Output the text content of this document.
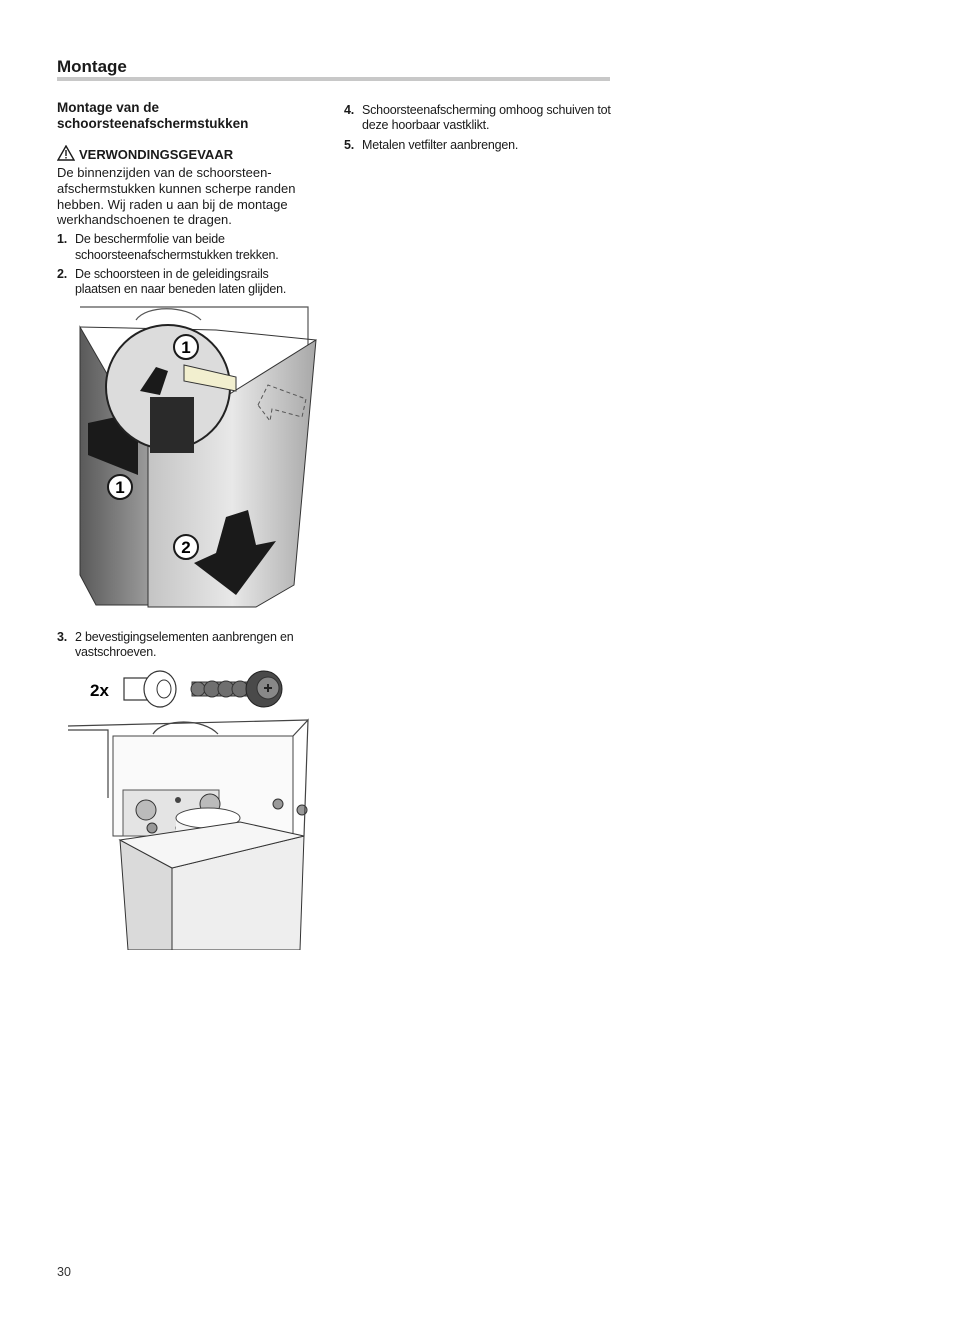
Montage

Montage van de schoorsteenafschermstukken

VERWONDINGSGEVAAR

De binnenzijden van de schoorsteen-afschermstukken kunnen scherpe randen hebben. Wij raden u aan bij de montage werkhandschoenen te dragen.

1. De beschermfolie van beide schoorsteenafschermstukken trekken.
2. De schoorsteen in de geleidingsrails plaatsen en naar beneden laten glijden.
1
1
2
3. 2 bevestigingselementen aanbrengen en vastschroeven.
2x
4. Schoorsteenafscherming omhoog schuiven tot deze hoorbaar vastklikt.
5. Metalen vetfilter aanbrengen.
30
